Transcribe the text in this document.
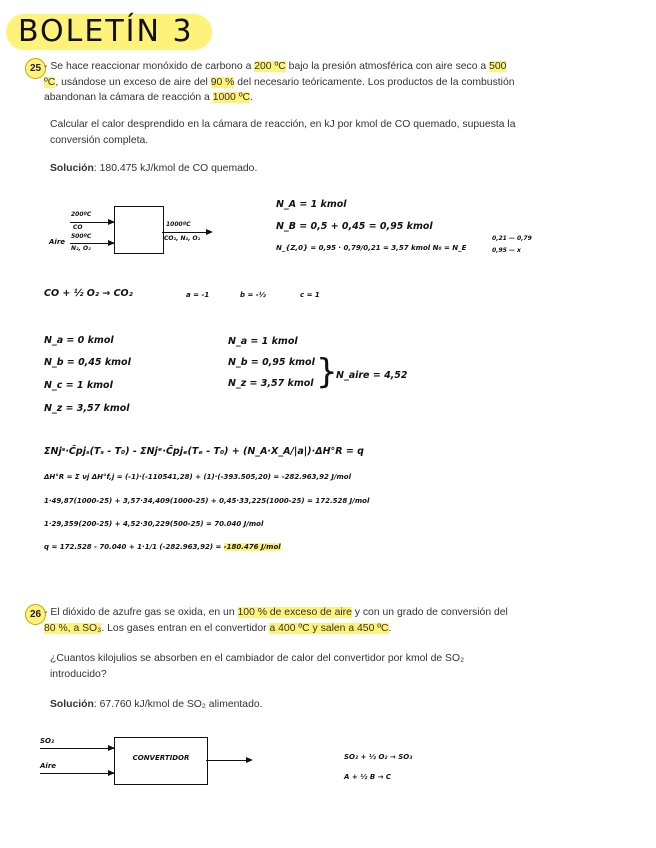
BOLETÍN 3
25 - Se hace reaccionar monóxido de carbono a 200 ºC bajo la presión atmosférica con aire seco a 500 ºC, usándose un exceso de aire del 90 % del necesario teóricamente. Los productos de la combustión abandonan la cámara de reacción a 1000 ºC.
Calcular el calor desprendido en la cámara de reacción, en kJ por kmol de CO quemado, supuesta la conversión completa.
Solución: 180.475 kJ/kmol de CO quemado.
200ºC
CO
500ºC
N₂, O₂
Aire
1000ºC
CO₂, N₂, O₂
N_A = 1 kmol
N_B = 0,5 + 0,45 = 0,95 kmol
N_{Z,0} = 0,95 · 0,79/0,21 = 3,57 kmol N₀ = N_E
0,21 — 0,79
0,95 — x
CO + ½ O₂ → CO₂	a = -1	b = -½	c = 1
N_a = 0 kmol
N_b = 0,45 kmol
N_c = 1 kmol
N_z = 3,57 kmol
N_a = 1 kmol
N_b = 0,95 kmol
N_z = 3,57 kmol }
N_aire = 4,52
ΣNjˢ·C̄pjₛ(Tₛ - T₀) - ΣNjᵉ·C̄pjₑ(Tₑ - T₀) + (N_A·X_A/|a|)·ΔH°R = q
ΔH°R = Σ νj ΔH°f,j = (-1)·(-110541,28) + (1)·(-393.505,20) = -282.963,92 J/mol
1·49,87(1000-25) + 3,57·34,409(1000-25) + 0,45·33,225(1000-25) = 172.528 J/mol
1·29,359(200-25) + 4,52·30,229(500-25) = 70.040 J/mol
q = 172.528 - 70.040 + 1·1/1 (-282.963,92) = -180.476 J/mol
26 - El dióxido de azufre gas se oxida, en un 100 % de exceso de aire y con un grado de conversión del 80 %, a SO₃. Los gases entran en el convertidor a 400 ºC y salen a 450 ºC.
¿Cuantos kilojulios se absorben en el cambiador de calor del convertidor por kmol de SO₂ introducido?
Solución: 67.760 kJ/kmol de SO₂ alimentado.
CONVERTIDOR
SO₂
Aire
SO₂ + ½ O₂ → SO₃
A + ½ B → C
